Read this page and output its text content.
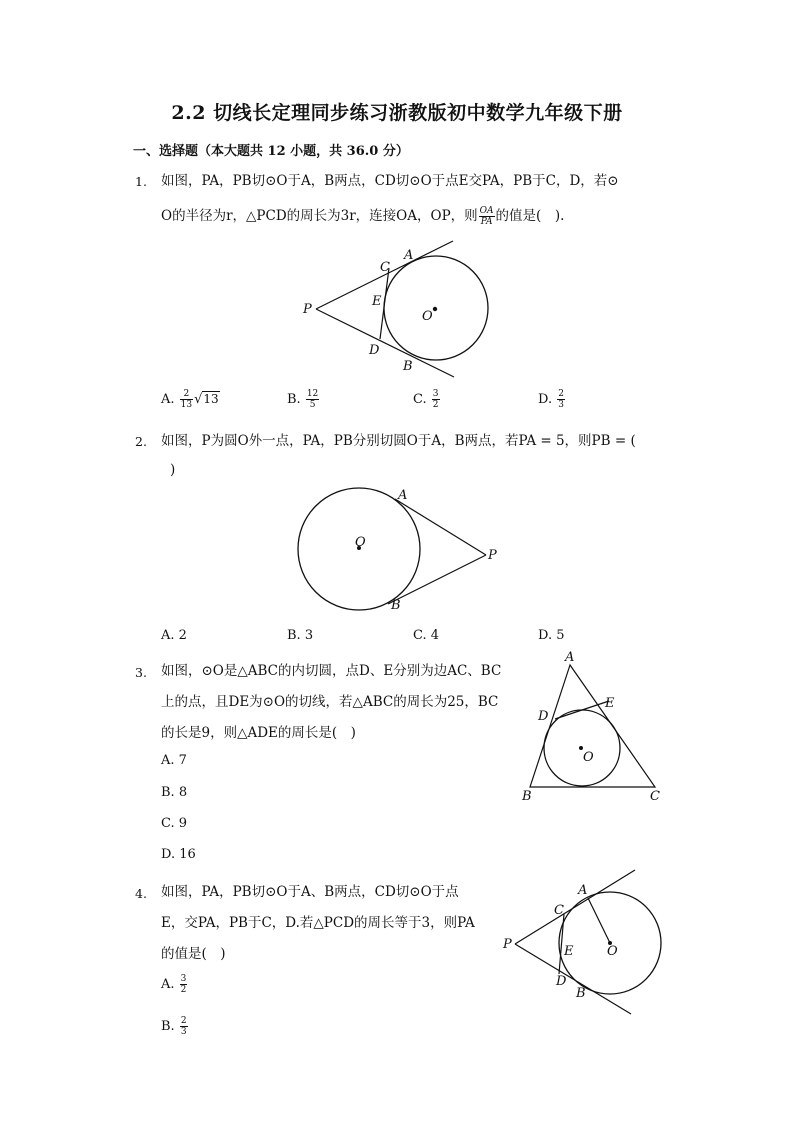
2.2 切线长定理同步练习浙教版初中数学九年级下册
一、选择题（本大题共 12 小题，共 36.0 分）
1. 如图，PA，PB切⊙O于A，B两点，CD切⊙O于点E交PA，PB于C，D，若⊙
O的半径为r，△PCD的周长为3r，连接OA，OP，则 $\frac{OA}{PA}$ 的值是(　).
A
C
E
P	O
D
B
A. $\frac{2}{13} √13$	B. $\frac{12}{5}$	C. $\frac{3}{2}$	D. $\frac{2}{3}$
2. 如图，P为圆O外一点，PA，PB分别切圆O于A，B两点，若PA = 5，则PB = (
)
A
O
P
B
A. 2	B. 3	C. 4	D. 5
3. 如图，⊙O是△ABC的内切圆，点D、E分别为边AC、BC
上的点，且DE为⊙O的切线，若△ABC的周长为25，BC
的长是9，则△ADE的周长是(　)
A. 7
B. 8
C. 9
D. 16
A
D
E
O
B	C
4. 如图，PA，PB切⊙O于A、B两点，CD切⊙O于点
E，交PA，PB于C，D.若△PCD的周长等于3，则PA
的值是(　)
A. $\frac{3}{2}$
B. $\frac{2}{3}$
A
C
P	E	O
D
B
